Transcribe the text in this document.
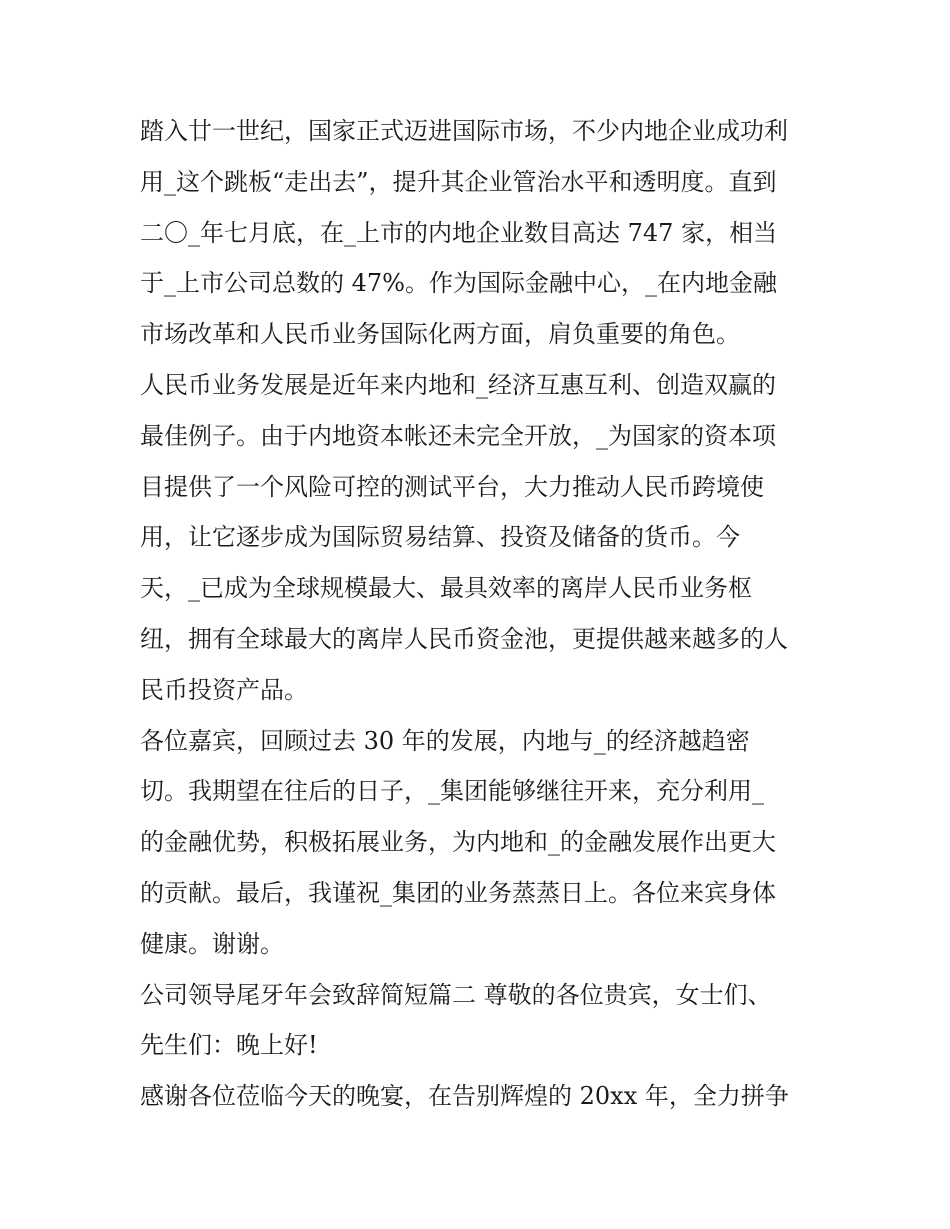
踏入廿一世纪，国家正式迈进国际市场，不少内地企业成功利
用_这个跳板“走出去”，提升其企业管治水平和透明度。直到
二〇_年七月底，在_上市的内地企业数目高达 747 家，相当
于_上市公司总数的 47%。作为国际金融中心，_在内地金融
市场改革和人民币业务国际化两方面，肩负重要的角色。
人民币业务发展是近年来内地和_经济互惠互利、创造双赢的
最佳例子。由于内地资本帐还未完全开放，_为国家的资本项
目提供了一个风险可控的测试平台，大力推动人民币跨境使
用，让它逐步成为国际贸易结算、投资及储备的货币。今
天，_已成为全球规模最大、最具效率的离岸人民币业务枢
纽，拥有全球最大的离岸人民币资金池，更提供越来越多的人
民币投资产品。
各位嘉宾，回顾过去 30 年的发展，内地与_的经济越趋密
切。我期望在往后的日子，_集团能够继往开来，充分利用_
的金融优势，积极拓展业务，为内地和_的金融发展作出更大
的贡献。最后，我谨祝_集团的业务蒸蒸日上。各位来宾身体
健康。谢谢。
公司领导尾牙年会致辞简短篇二 尊敬的各位贵宾，女士们、
先生们：晚上好!
感谢各位莅临今天的晚宴，在告别辉煌的 20xx 年，全力拼争
